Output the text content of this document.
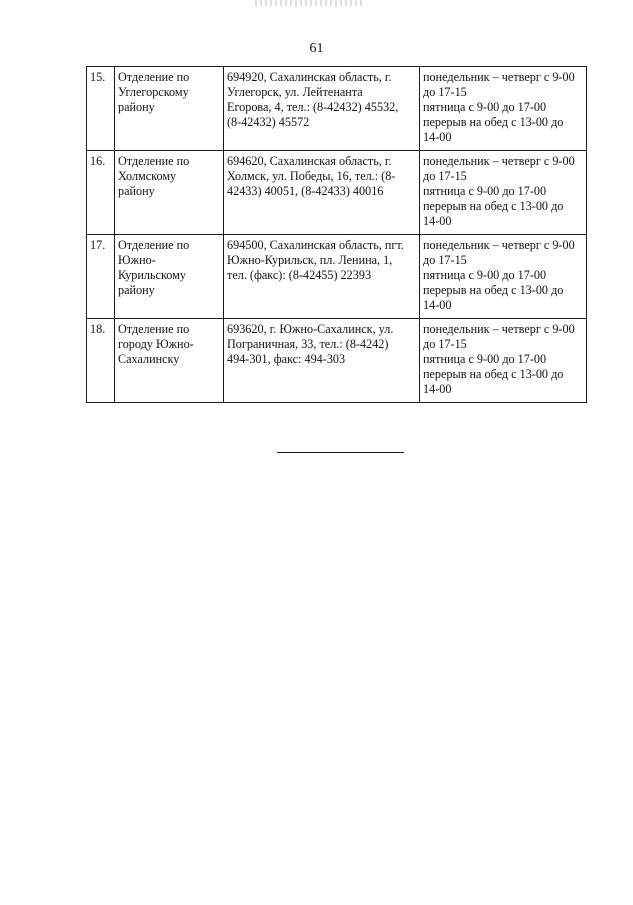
61
15.	Отделение по
Углегорскому
району	694920, Сахалинская область, г.
Углегорск, ул. Лейтенанта
Егорова, 4, тел.: (8-42432) 45532,
(8-42432) 45572	понедельник – четверг с 9-00
до 17-15
пятница с 9-00 до 17-00
перерыв на обед с 13-00 до
14-00

16.	Отделение по
Холмскому
району	694620, Сахалинская область, г.
Холмск, ул. Победы, 16, тел.: (8-
42433) 40051, (8-42433) 40016	понедельник – четверг с 9-00
до 17-15
пятница с 9-00 до 17-00
перерыв на обед с 13-00 до
14-00

17.	Отделение по
Южно-
Курильскому
району	694500, Сахалинская область, пгт.
Южно-Курильск, пл. Ленина, 1,
тел. (факс): (8-42455) 22393	понедельник – четверг с 9-00
до 17-15
пятница с 9-00 до 17-00
перерыв на обед с 13-00 до
14-00

18.	Отделение по
городу Южно-
Сахалинску	693620, г. Южно-Сахалинск, ул.
Пограничная, 33, тел.: (8-4242)
494-301, факс: 494-303	понедельник – четверг с 9-00
до 17-15
пятница с 9-00 до 17-00
перерыв на обед с 13-00 до
14-00
